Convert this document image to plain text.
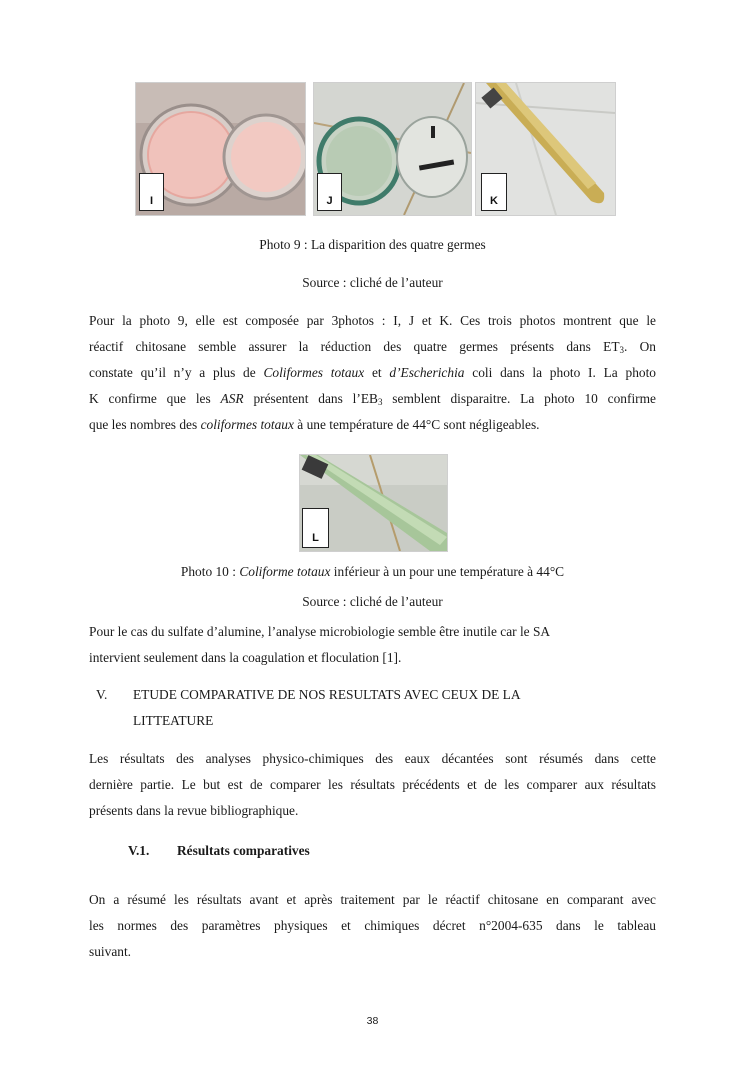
I	J	K
Photo 9 : La disparition des quatre germes
Source : cliché de l’auteur
Pour la photo 9, elle est composée par 3photos : I, J et K. Ces trois photos montrent que le
réactif chitosane semble assurer la réduction des quatre germes présents dans $ET_3$. On
constate qu’il n’y a plus de Coliformes totaux et d’Escherichia coli dans la photo I. La photo
K confirme que les ASR présentent dans $l’EB_3$ semblent disparaitre. La photo 10 confirme
que les nombres des coliformes totaux à une température de 44°C sont négligeables.
L
Photo 10 : Coliforme totaux inférieur à un pour une température à 44°C
Source : cliché de l’auteur
Pour le cas du sulfate d’alumine, l’analyse microbiologie semble être inutile car le SA
intervient seulement dans la coagulation et floculation [1].
V. ETUDE COMPARATIVE DE NOS RESULTATS AVEC CEUX DE LA
LITTEATURE
Les résultats des analyses physico-chimiques des eaux décantées sont résumés dans cette
dernière partie. Le but est de comparer les résultats précédents et de les comparer aux résultats
présents dans la revue bibliographique.
V.1. Résultats comparatives
On a résumé les résultats avant et après traitement par le réactif chitosane en comparant avec
les normes des paramètres physiques et chimiques décret n°2004-635 dans le tableau
suivant.
38
